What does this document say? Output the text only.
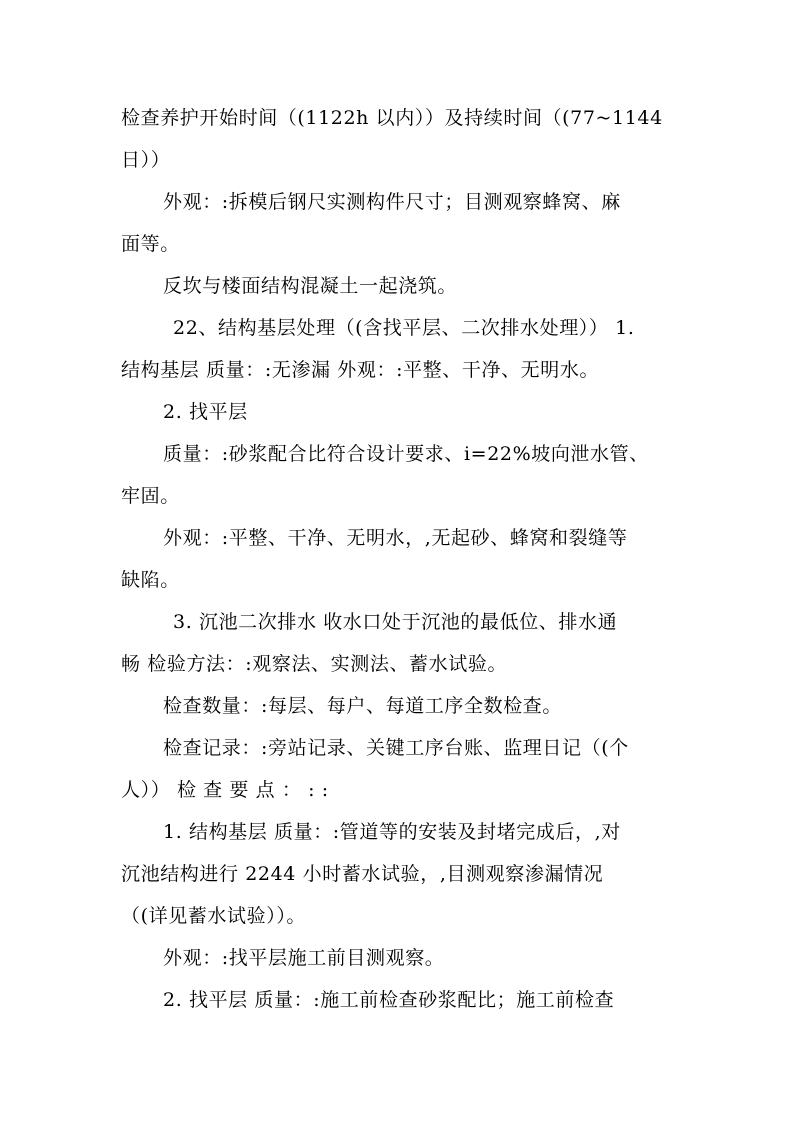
检查养护开始时间（(1122h 以内））及持续时间（(77~1144
日））
外观：:拆模后钢尺实测构件尺寸；目测观察蜂窝、麻
面等。
反坎与楼面结构混凝土一起浇筑。
22、结构基层处理（(含找平层、二次排水处理）） 1.
结构基层 质量：:无渗漏 外观：:平整、干净、无明水。
2. 找平层
质量：:砂浆配合比符合设计要求、i=22%坡向泄水管、
牢固。
外观：:平整、干净、无明水，,无起砂、蜂窝和裂缝等
缺陷。
3. 沉池二次排水 收水口处于沉池的最低位、排水通
畅 检验方法：:观察法、实测法、蓄水试验。
检查数量：:每层、每户、每道工序全数检查。
检查记录：:旁站记录、关键工序台账、监理日记（(个
人）） 检 查 要 点 ： : :
1. 结构基层 质量：:管道等的安装及封堵完成后，,对
沉池结构进行 2244 小时蓄水试验，,目测观察渗漏情况
（(详见蓄水试验））。
外观：:找平层施工前目测观察。
2. 找平层 质量：:施工前检查砂浆配比；施工前检查
